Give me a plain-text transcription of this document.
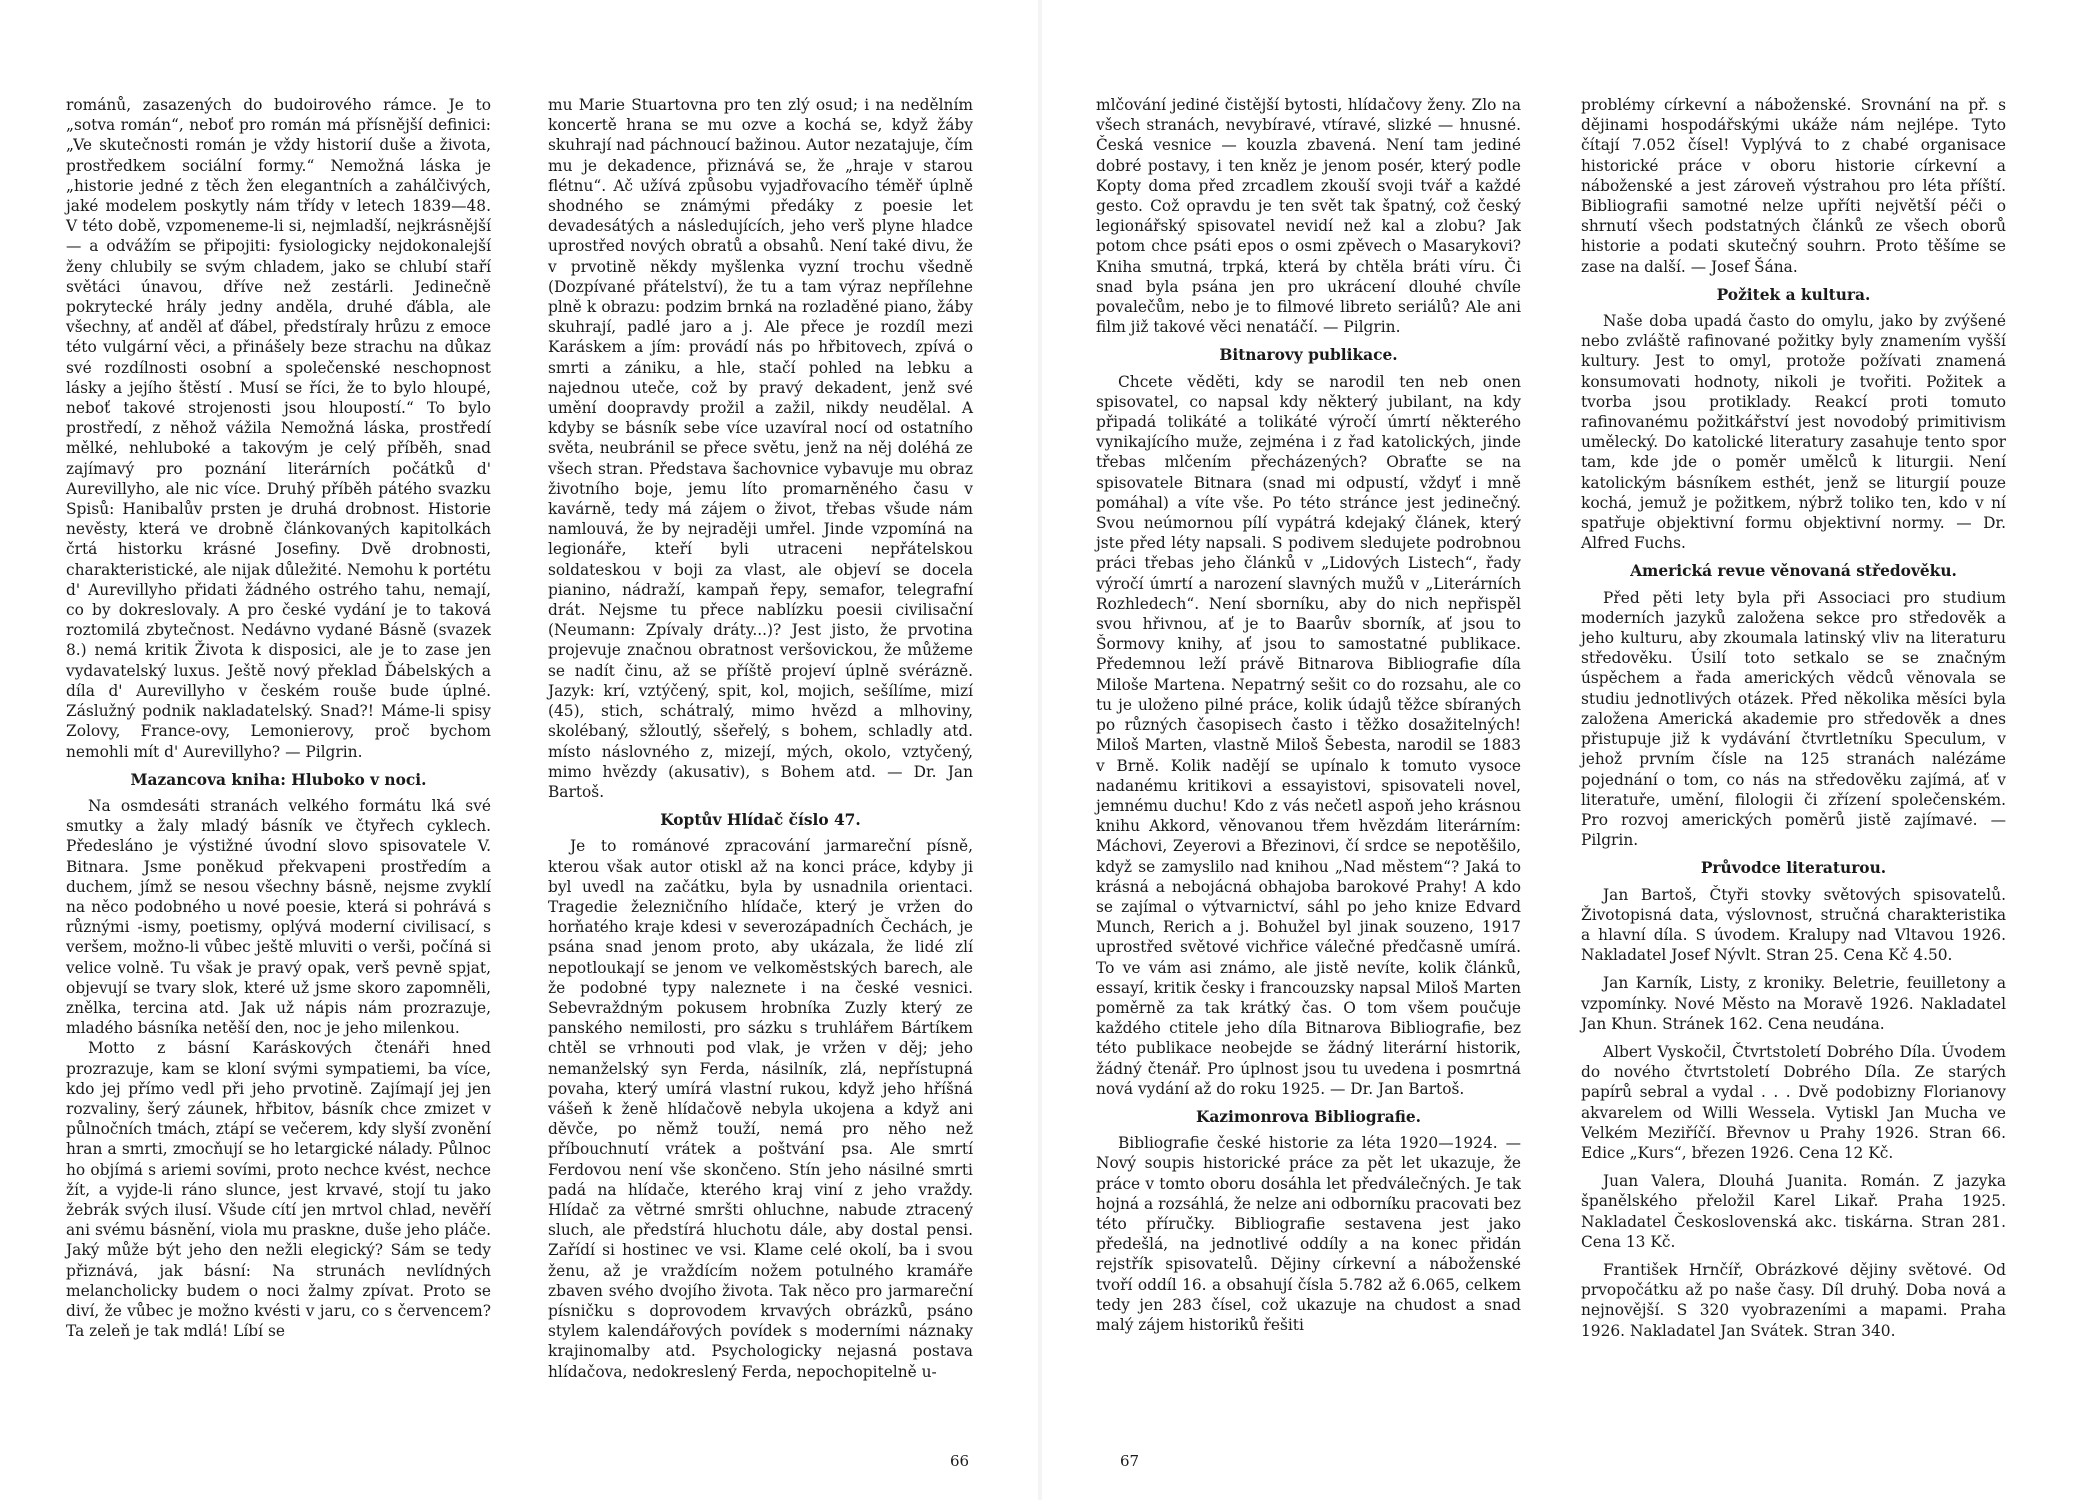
románů, zasazených do budoirového rámce. Je to „sotva román“, neboť pro román má přísnější definici: „Ve skutečnosti román je vždy historií duše a života, prostředkem sociální formy.“ Nemožná láska je „historie jedné z těch žen elegantních a zahálčivých, jaké modelem poskytly nám třídy v letech 1839—48. V této době, vzpomeneme-li si, nejmladší, nejkrásnější — a odvážím se připojiti: fysiologicky nejdokonalejší ženy chlubily se svým chladem, jako se chlubí staří světáci únavou, dříve než zestárli. Jedinečně pokrytecké hrály jedny anděla, druhé ďábla, ale všechny, ať anděl ať ďábel, předstíraly hrůzu z emoce této vulgární věci, a přinášely beze strachu na důkaz své rozdílnosti osobní a společenské neschopnost lásky a jejího štěstí . Musí se říci, že to bylo hloupé, neboť takové strojenosti jsou hloupostí.“ To bylo prostředí, z něhož vážila Nemožná láska, prostředí mělké, nehluboké a takovým je celý příběh, snad zajímavý pro poznání literárních počátků d' Aurevillyho, ale nic více. Druhý příběh pátého svazku Spisů: Hanibalův prsten je druhá drobnost. Historie nevěsty, která ve drobně článkovaných kapitolkách črtá historku krásné Josefiny. Dvě drobnosti, charakteristické, ale nijak důležité. Nemohu k portétu d' Aurevillyho přidati žádného ostrého tahu, nemají, co by dokreslovaly. A pro české vydání je to taková roztomilá zbytečnost. Nedávno vydané Básně (svazek 8.) nemá kritik Života k disposici, ale je to zase jen vydavatelský luxus. Ještě nový překlad Ďábelských a díla d' Aurevillyho v českém rouše bude úplné. Záslužný podnik nakladatelský. Snad?! Máme-li spisy Zolovy, France-ovy, Lemonierovy, proč bychom nemohli mít d' Aurevillyho? — Pilgrin.

Mazancova kniha: Hluboko v noci.

Na osmdesáti stranách velkého formátu lká své smutky a žaly mladý básník ve čtyřech cyklech. Předesláno je výstižné úvodní slovo spisovatele V. Bitnara. Jsme poněkud překvapeni prostředím a duchem, jímž se nesou všechny básně, nejsme zvyklí na něco podobného u nové poesie, která si pohrává s různými -ismy, poetismy, oplývá moderní civilisací, s veršem, možno-li vůbec ještě mluviti o verši, počíná si velice volně. Tu však je pravý opak, verš pevně spjat, objevují se tvary slok, které už jsme skoro zapomněli, znělka, tercina atd. Jak už nápis nám prozrazuje, mladého básníka netěší den, noc je jeho milenkou.

Motto z básní Karáskových čtenáři hned prozrazuje, kam se kloní svými sympatiemi, ba více, kdo jej přímo vedl při jeho prvotině. Zajímají jej jen rozvaliny, šerý záunek, hřbitov, básník chce zmizet v půlnočních tmách, ztápí se večerem, kdy slyší zvonění hran a smrti, zmocňují se ho letargické nálady. Půlnoc ho objímá s ariemi sovími, proto nechce kvést, nechce žít, a vyjde-li ráno slunce, jest krvavé, stojí tu jako žebrák svých ilusí. Všude cítí jen mrtvol chlad, nevěří ani svému básnění, viola mu praskne, duše jeho pláče. Jaký může být jeho den nežli elegický? Sám se tedy přiznává, jak básní: Na strunách nevlídných melancholicky budem o noci žalmy zpívat. Proto se diví, že vůbec je možno kvésti v jaru, co s červencem? Ta zeleň je tak mdlá! Líbí se

mu Marie Stuartovna pro ten zlý osud; i na nedělním koncertě hrana se mu ozve a kochá se, když žáby skuhrají nad páchnoucí bažinou. Autor nezatajuje, čím mu je dekadence, přiznává se, že „hraje v starou flétnu“. Ač užívá způsobu vyjadřovacího téměř úplně shodného se známými předáky z poesie let devadesátých a následujících, jeho verš plyne hladce uprostřed nových obratů a obsahů. Není také divu, že v prvotině někdy myšlenka vyzní trochu všedně (Dozpívané přátelství), že tu a tam výraz nepřílehne plně k obrazu: podzim brnká na rozladěné piano, žáby skuhrají, padlé jaro a j. Ale přece je rozdíl mezi Karáskem a jím: provádí nás po hřbitovech, zpívá o smrti a zániku, a hle, stačí pohled na lebku a najednou uteče, což by pravý dekadent, jenž své umění doopravdy prožil a zažil, nikdy neudělal. A kdyby se básník sebe více uzavíral nocí od ostatního světa, neubránil se přece světu, jenž na něj doléhá ze všech stran. Představa šachovnice vybavuje mu obraz životního boje, jemu líto promarněného času v kavárně, tedy má zájem o život, třebas všude nám namlouvá, že by nejraději umřel. Jinde vzpomíná na legionáře, kteří byli utraceni nepřátelskou soldateskou v boji za vlast, ale objeví se docela pianino, nádraží, kampaň řepy, semafor, telegrafní drát. Nejsme tu přece nablízku poesii civilisační (Neumann: Zpívaly dráty...)? Jest jisto, že prvotina projevuje značnou obratnost veršovickou, že můžeme se nadít činu, až se příště projeví úplně svérázně. Jazyk: krí, vztýčený, spit, kol, mojich, sešílíme, mizí (45), stich, schátralý, mimo hvězd a mlhoviny, skolébaný, sžloutlý, sšeřelý, s bohem, schladly atd. místo náslovného z, mizejí, mých, okolo, vztyčený, mimo hvězdy (akusativ), s Bohem atd. — Dr. Jan Bartoš.

Koptův Hlídač číslo 47.

Je to románové zpracování jarmareční písně, kterou však autor otiskl až na konci práce, kdyby ji byl uvedl na začátku, byla by usnadnila orientaci. Tragedie železničního hlídače, který je vržen do horňatého kraje kdesi v severozápadních Čechách, je psána snad jenom proto, aby ukázala, že lidé zlí nepotloukají se jenom ve velkoměstských barech, ale že podobné typy naleznete i na české vesnici. Sebevraždným pokusem hrobníka Zuzly který ze panského nemilosti, pro sázku s truhlářem Bártíkem chtěl se vrhnouti pod vlak, je vržen v děj; jeho nemanželský syn Ferda, násilník, zlá, nepřístupná povaha, který umírá vlastní rukou, když jeho hříšná vášeň k ženě hlídačově nebyla ukojena a když ani děvče, po němž touží, nemá pro něho než příbouchnutí vrátek a poštvání psa. Ale smrtí Ferdovou není vše skončeno. Stín jeho násilné smrti padá na hlídače, kterého kraj viní z jeho vraždy. Hlídač za větrné smršti ohluchne, nabude ztracený sluch, ale předstírá hluchotu dále, aby dostal pensi. Zařídí si hostinec ve vsi. Klame celé okolí, ba i svou ženu, až je vraždícím nožem potulného kramáře zbaven svého dvojího života. Tak něco pro jarmareční písničku s doprovodem krvavých obrázků, psáno stylem kalendářových povídek s moderními náznaky krajinomalby atd. Psychologicky nejasná postava hlídačova, nedokreslený Ferda, nepochopitelně u-

66

mlčování jediné čistější bytosti, hlídačovy ženy. Zlo na všech stranách, nevybíravé, vtíravé, slizké — hnusné. Česká vesnice — kouzla zbavená. Není tam jediné dobré postavy, i ten kněz je jenom posér, který podle Kopty doma před zrcadlem zkouší svoji tvář a každé gesto. Což opravdu je ten svět tak špatný, což český legionářský spisovatel nevidí než kal a zlobu? Jak potom chce psáti epos o osmi zpěvech o Masarykovi? Kniha smutná, trpká, která by chtěla bráti víru. Či snad byla psána jen pro ukrácení dlouhé chvíle povalečům, nebo je to filmové libreto seriálů? Ale ani film již takové věci nenatáčí. — Pilgrin.

Bitnarovy publikace.

Chcete věděti, kdy se narodil ten neb onen spisovatel, co napsal kdy některý jubilant, na kdy připadá tolikáté a tolikáté výročí úmrtí některého vynikajícího muže, zejména i z řad katolických, jinde třebas mlčením přecházených? Obraťte se na spisovatele Bitnara (snad mi odpustí, vždyť i mně pomáhal) a víte vše. Po této stránce jest jedinečný. Svou neúmornou pílí vypátrá kdejaký článek, který jste před léty napsali. S podivem sledujete podrobnou práci třebas jeho článků v „Lidových Listech“, řady výročí úmrtí a narození slavných mužů v „Literárních Rozhledech“. Není sborníku, aby do nich nepřispěl svou hřivnou, ať je to Baarův sborník, ať jsou to Šormovy knihy, ať jsou to samostatné publikace. Předemnou leží právě Bitnarova Bibliografie díla Miloše Martena. Nepatrný sešit co do rozsahu, ale co tu je uloženo pilné práce, kolik údajů těžce sbíraných po různých časopisech často i těžko dosažitelných! Miloš Marten, vlastně Miloš Šebesta, narodil se 1883 v Brně. Kolik nadějí se upínalo k tomuto vysoce nadanému kritikovi a essayistovi, spisovateli novel, jemnému duchu! Kdo z vás nečetl aspoň jeho krásnou knihu Akkord, věnovanou třem hvězdám literárním: Máchovi, Zeyerovi a Březinovi, čí srdce se nepotěšilo, když se zamyslilo nad knihou „Nad městem“? Jaká to krásná a nebojácná obhajoba barokové Prahy! A kdo se zajímal o výtvarnictví, sáhl po jeho knize Edvard Munch, Rerich a j. Bohužel byl jinak souzeno, 1917 uprostřed světové vichřice válečné předčasně umírá. To ve vám asi známo, ale jistě nevíte, kolik článků, essayí, kritik česky i francouzsky napsal Miloš Marten poměrně za tak krátký čas. O tom všem poučuje každého ctitele jeho díla Bitnarova Bibliografie, bez této publikace neobejde se žádný literární historik, žádný čtenář. Pro úplnost jsou tu uvedena i posmrtná nová vydání až do roku 1925. — Dr. Jan Bartoš.

Kazimonrova Bibliografie.

Bibliografie české historie za léta 1920—1924. — Nový soupis historické práce za pět let ukazuje, že práce v tomto oboru dosáhla let předválečných. Je tak hojná a rozsáhlá, že nelze ani odborníku pracovati bez této příručky. Bibliografie sestavena jest jako předešlá, na jednotlivé oddíly a na konec přidán rejstřík spisovatelů. Dějiny církevní a náboženské tvoří oddíl 16. a obsahují čísla 5.782 až 6.065, celkem tedy jen 283 čísel, což ukazuje na chudost a snad malý zájem historiků řešiti

problémy církevní a náboženské. Srovnání na př. s dějinami hospodářskými ukáže nám nejlépe. Tyto čítají 7.052 čísel! Vyplývá to z chabé organisace historické práce v oboru historie církevní a náboženské a jest zároveň výstrahou pro léta příští. Bibliografii samotné nelze upříti největší péči o shrnutí všech podstatných článků ze všech oborů historie a podati skutečný souhrn. Proto těšíme se zase na další. — Josef Šána.

Požitek a kultura.

Naše doba upadá často do omylu, jako by zvýšené nebo zvláště rafinované požitky byly znamením vyšší kultury. Jest to omyl, protože požívati znamená konsumovati hodnoty, nikoli je tvořiti. Požitek a tvorba jsou protiklady. Reakcí proti tomuto rafinovanému požitkářství jest novodobý primitivism umělecký. Do katolické literatury zasahuje tento spor tam, kde jde o poměr umělců k liturgii. Není katolickým básníkem esthét, jenž se liturgií pouze kochá, jemuž je požitkem, nýbrž toliko ten, kdo v ní spatřuje objektivní formu objektivní normy. — Dr. Alfred Fuchs.

Americká revue věnovaná středověku.

Před pěti lety byla při Associaci pro studium moderních jazyků založena sekce pro středověk a jeho kulturu, aby zkoumala latinský vliv na literaturu středověku. Úsilí toto setkalo se se značným úspěchem a řada amerických vědců věnovala se studiu jednotlivých otázek. Před několika měsíci byla založena Americká akademie pro středověk a dnes přistupuje již k vydávání čtvrtletníku Speculum, v jehož prvním čísle na 125 stranách nalézáme pojednání o tom, co nás na středověku zajímá, ať v literatuře, umění, filologii či zřízení společenském. Pro rozvoj amerických poměrů jistě zajímavé. — Pilgrin.

Průvodce literaturou.

Jan Bartoš, Čtyři stovky světových spisovatelů. Životopisná data, výslovnost, stručná charakteristika a hlavní díla. S úvodem. Kralupy nad Vltavou 1926. Nakladatel Josef Nývlt. Stran 25. Cena Kč 4.50.

Jan Karník, Listy, z kroniky. Beletrie, feuilletony a vzpomínky. Nové Město na Moravě 1926. Nakladatel Jan Khun. Stránek 162. Cena neudána.

Albert Vyskočil, Čtvrtstoletí Dobrého Díla. Úvodem do nového čtvrtstoletí Dobrého Díla. Ze starých papírů sebral a vydal . . . Dvě podobizny Florianovy akvarelem od Willi Wessela. Vytiskl Jan Mucha ve Velkém Meziříčí. Břevnov u Prahy 1926. Stran 66. Edice „Kurs“, březen 1926. Cena 12 Kč.

Juan Valera, Dlouhá Juanita. Román. Z jazyka španělského přeložil Karel Likař. Praha 1925. Nakladatel Československá akc. tiskárna. Stran 281. Cena 13 Kč.

František Hrnčíř, Obrázkové dějiny světové. Od prvopočátku až po naše časy. Díl druhý. Doba nová a nejnovější. S 320 vyobrazeními a mapami. Praha 1926. Nakladatel Jan Svátek. Stran 340.

67
